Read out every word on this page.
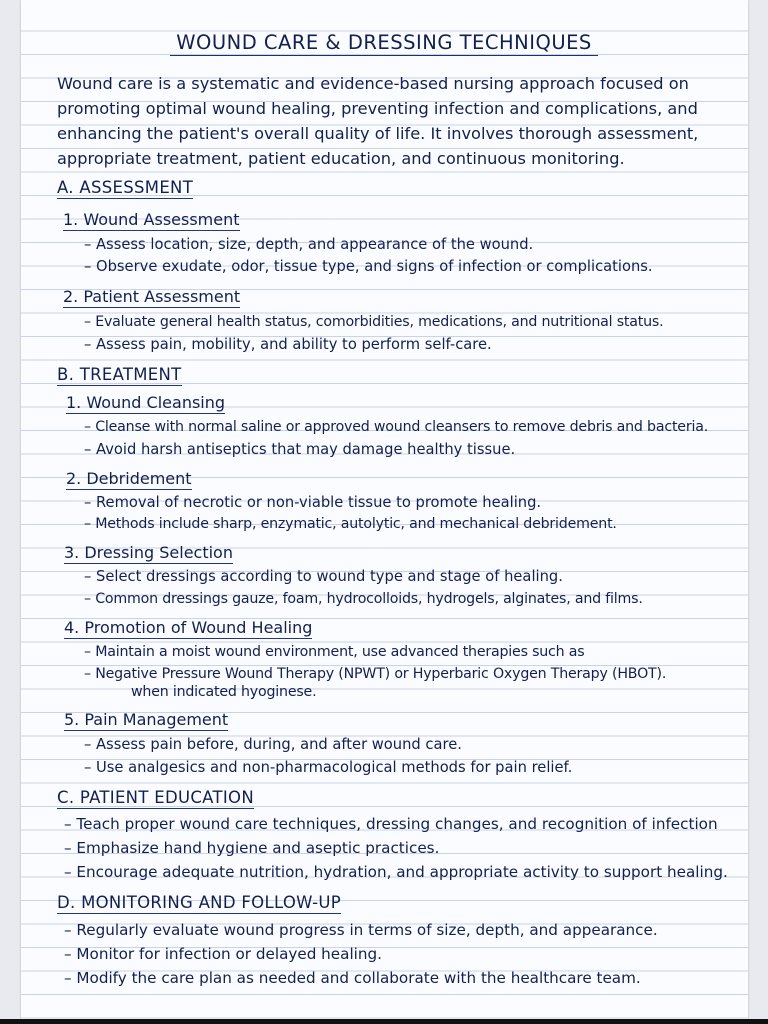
WOUND CARE & DRESSING TECHNIQUES
Wound care is a systematic and evidence-based nursing approach focused on promoting optimal wound healing, preventing infection and complications, and enhancing the patient's overall quality of life. It involves thorough assessment, appropriate treatment, patient education, and continuous monitoring.
A. ASSESSMENT
1. Wound Assessment
– Assess location, size, depth, and appearance of the wound.
– Observe exudate, odor, tissue type, and signs of infection or complications.
2. Patient Assessment
– Evaluate general health status, comorbidities, medications, and nutritional status.
– Assess pain, mobility, and ability to perform self-care.
B. TREATMENT
1. Wound Cleansing
– Cleanse with normal saline or approved wound cleansers to remove debris and bacteria.
– Avoid harsh antiseptics that may damage healthy tissue.
2. Debridement
– Removal of necrotic or non-viable tissue to promote healing.
– Methods include sharp, enzymatic, autolytic, and mechanical debridement.
3. Dressing Selection
– Select dressings according to wound type and stage of healing.
– Common dressings gauze, foam, hydrocolloids, hydrogels, alginates, and films.
4. Promotion of Wound Healing
– Maintain a moist wound environment, use advanced therapies such as
– Negative Pressure Wound Therapy (NPWT) or Hyperbaric Oxygen Therapy (HBOT).
when indicated hyoginese.
5. Pain Management
– Assess pain before, during, and after wound care.
– Use analgesics and non-pharmacological methods for pain relief.
C. PATIENT EDUCATION
– Teach proper wound care techniques, dressing changes, and recognition of infection
– Emphasize hand hygiene and aseptic practices.
– Encourage adequate nutrition, hydration, and appropriate activity to support healing.
D. MONITORING AND FOLLOW-UP
– Regularly evaluate wound progress in terms of size, depth, and appearance.
– Monitor for infection or delayed healing.
– Modify the care plan as needed and collaborate with the healthcare team.
